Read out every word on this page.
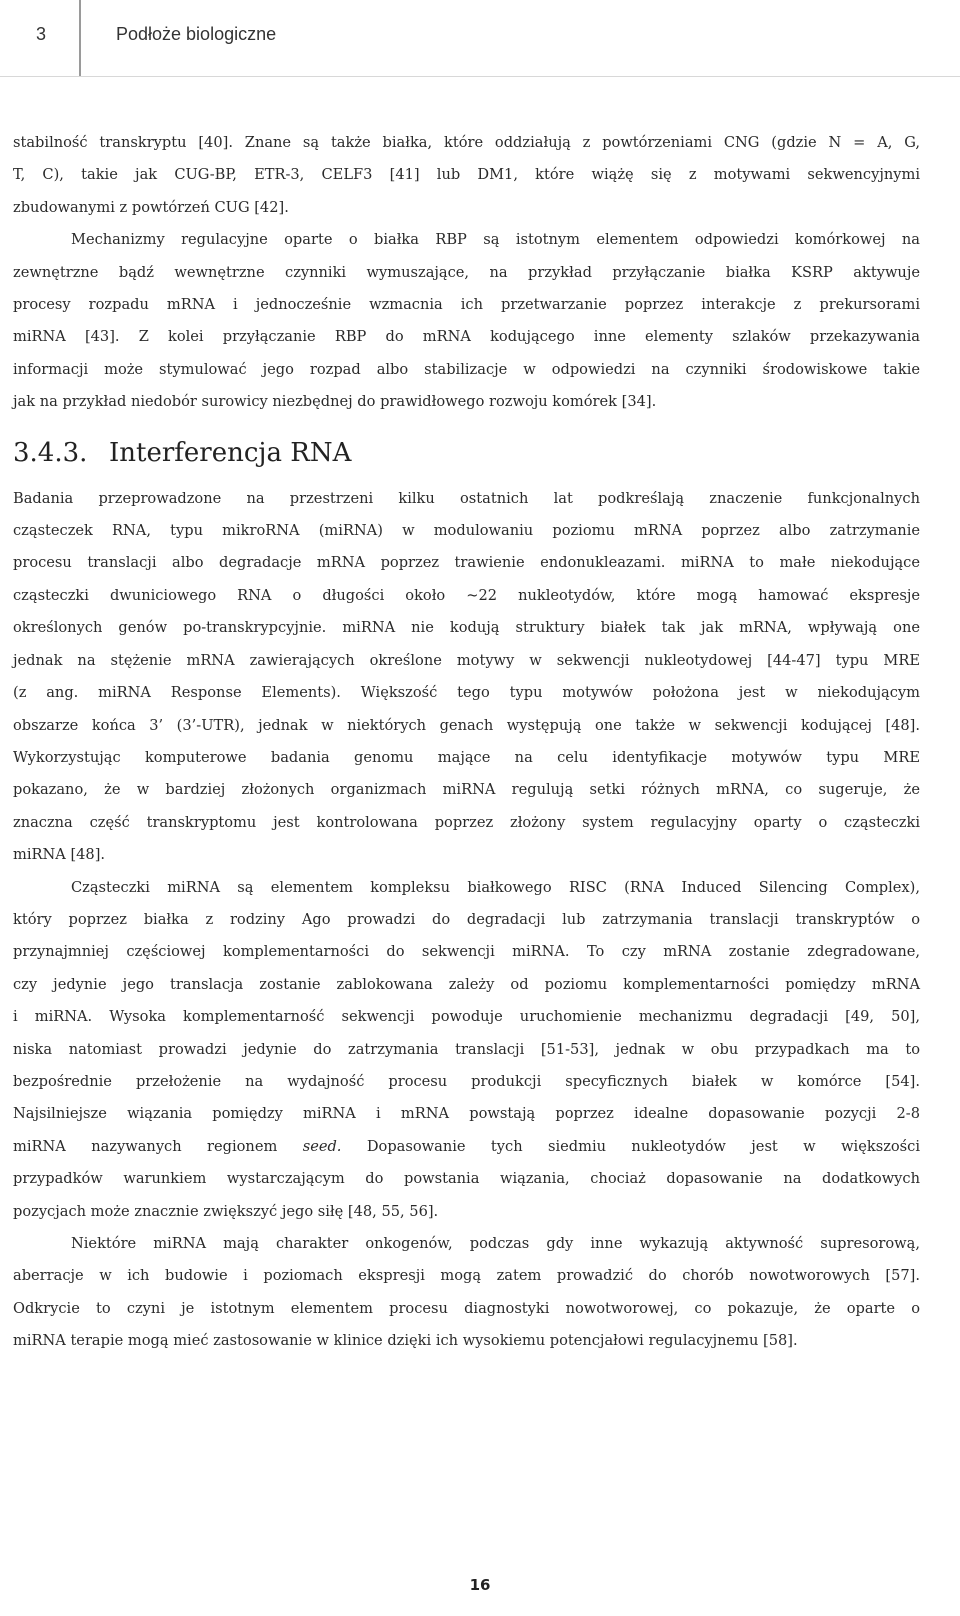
3	Podłoże biologiczne

stabilność transkryptu [40]. Znane są także białka, które oddziałują z powtórzeniami CNG (gdzie N = A, G,
T, C), takie jak CUG-BP, ETR-3, CELF3 [41] lub DM1, które wiążę się z motywami sekwencyjnymi
zbudowanymi z powtórzeń CUG [42].

Mechanizmy regulacyjne oparte o białka RBP są istotnym elementem odpowiedzi komórkowej na
zewnętrzne bądź wewnętrzne czynniki wymuszające, na przykład przyłączanie białka KSRP aktywuje
procesy rozpadu mRNA i jednocześnie wzmacnia ich przetwarzanie poprzez interakcje z prekursorami
miRNA [43]. Z kolei przyłączanie RBP do mRNA kodującego inne elementy szlaków przekazywania
informacji może stymulować jego rozpad albo stabilizacje w odpowiedzi na czynniki środowiskowe takie
jak na przykład niedobór surowicy niezbędnej do prawidłowego rozwoju komórek [34].

3.4.3. Interferencja RNA

Badania przeprowadzone na przestrzeni kilku ostatnich lat podkreślają znaczenie funkcjonalnych
cząsteczek RNA, typu mikroRNA (miRNA) w modulowaniu poziomu mRNA poprzez albo zatrzymanie
procesu translacji albo degradacje mRNA poprzez trawienie endonukleazami. miRNA to małe niekodujące
cząsteczki dwuniciowego RNA o długości około ~22 nukleotydów, które mogą hamować ekspresje
określonych genów po-transkrypcyjnie. miRNA nie kodują struktury białek tak jak mRNA, wpływają one
jednak na stężenie mRNA zawierających określone motywy w sekwencji nukleotydowej [44-47] typu MRE
(z ang. miRNA Response Elements). Większość tego typu motywów położona jest w niekodującym
obszarze końca 3’ (3’-UTR), jednak w niektórych genach występują one także w sekwencji kodującej [48].
Wykorzystując komputerowe badania genomu mające na celu identyfikacje motywów typu MRE
pokazano, że w bardziej złożonych organizmach miRNA regulują setki różnych mRNA, co sugeruje, że
znaczna część transkryptomu jest kontrolowana poprzez złożony system regulacyjny oparty o cząsteczki
miRNA [48].

Cząsteczki miRNA są elementem kompleksu białkowego RISC (RNA Induced Silencing Complex),
który poprzez białka z rodziny Ago prowadzi do degradacji lub zatrzymania translacji transkryptów o
przynajmniej częściowej komplementarności do sekwencji miRNA. To czy mRNA zostanie zdegradowane,
czy jedynie jego translacja zostanie zablokowana zależy od poziomu komplementarności pomiędzy mRNA
i miRNA. Wysoka komplementarność sekwencji powoduje uruchomienie mechanizmu degradacji [49, 50],
niska natomiast prowadzi jedynie do zatrzymania translacji [51-53], jednak w obu przypadkach ma to
bezpośrednie przełożenie na wydajność procesu produkcji specyficznych białek w komórce [54].
Najsilniejsze wiązania pomiędzy miRNA i mRNA powstają poprzez idealne dopasowanie pozycji 2-8
miRNA nazywanych regionem seed. Dopasowanie tych siedmiu nukleotydów jest w większości
przypadków warunkiem wystarczającym do powstania wiązania, chociaż dopasowanie na dodatkowych
pozycjach może znacznie zwiększyć jego siłę [48, 55, 56].

Niektóre miRNA mają charakter onkogenów, podczas gdy inne wykazują aktywność supresorową,
aberracje w ich budowie i poziomach ekspresji mogą zatem prowadzić do chorób nowotworowych [57].
Odkrycie to czyni je istotnym elementem procesu diagnostyki nowotworowej, co pokazuje, że oparte o
miRNA terapie mogą mieć zastosowanie w klinice dzięki ich wysokiemu potencjałowi regulacyjnemu [58].

16
